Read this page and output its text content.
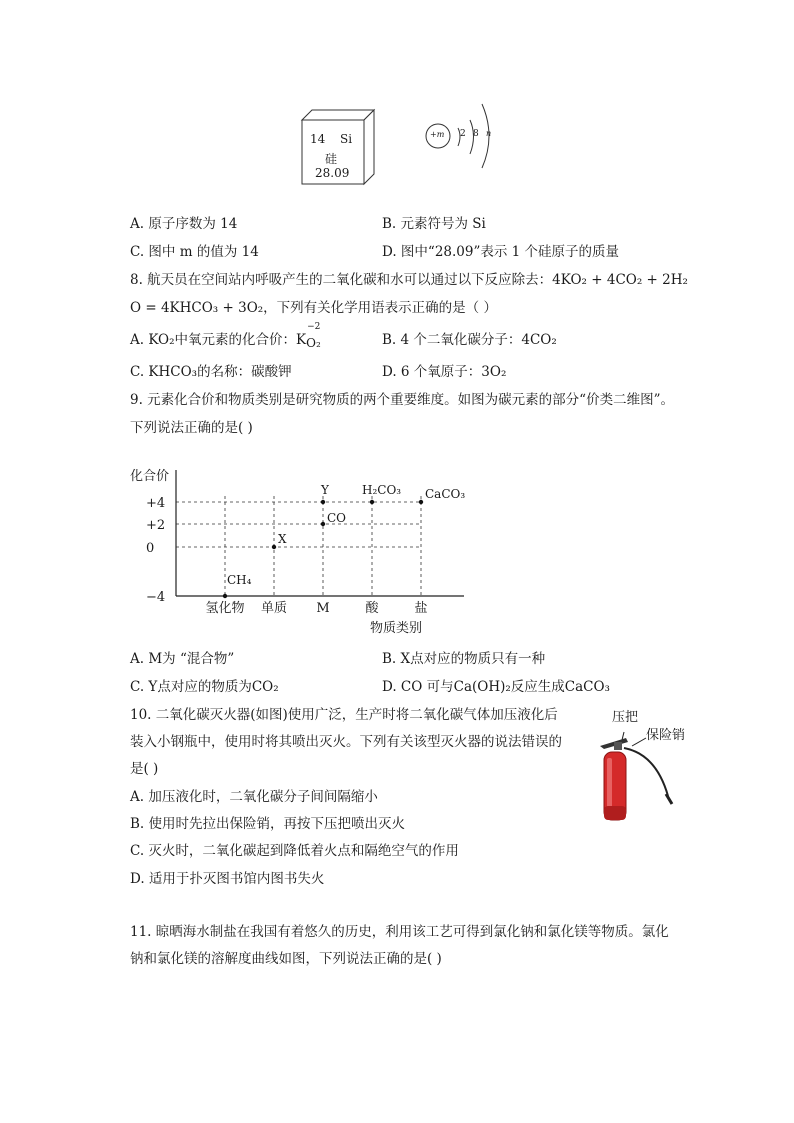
14 Si
硅
28.09
+m 2 8 n
A. 原子序数为 14	B. 元素符号为 Si
C. 图中 m 的值为 14	D. 图中“28.09”表示 1 个硅原子的质量
8. 航天员在空间站内呼吸产生的二氧化碳和水可以通过以下反应除去：4KO₂ + 4CO₂ + 2H₂
O = 4KHCO₃ + 3O₂，下列有关化学用语表示正确的是（ ）
A. KO₂中氧元素的化合价：K
−2
O₂	B. 4 个二氧化碳分子：4CO₂
C. KHCO₃的名称：碳酸钾	D. 6 个氧原子：3O₂
9. 元素化合价和物质类别是研究物质的两个重要维度。如图为碳元素的部分“价类二维图”。
下列说法正确的是( )
化合价
物质类别
+4
+2
0
−4
氢化物 单质 M	酸	盐
CH₄
X
CO
Y	H₂CO₃ CaCO₃
A. M为 “混合物”	B. X点对应的物质只有一种
C. Y点对应的物质为CO₂	D. CO 可与Ca(OH)₂反应生成CaCO₃
10. 二氧化碳灭火器(如图)使用广泛，生产时将二氧化碳气体加压液化后
装入小钢瓶中，使用时将其喷出灭火。下列有关该型灭火器的说法错误的
是( )
A. 加压液化时，二氧化碳分子间间隔缩小
B. 使用时先拉出保险销，再按下压把喷出灭火
C. 灭火时，二氧化碳起到降低着火点和隔绝空气的作用
D. 适用于扑灭图书馆内图书失火
压把
保险销
11. 晾晒海水制盐在我国有着悠久的历史，利用该工艺可得到氯化钠和氯化镁等物质。氯化
钠和氯化镁的溶解度曲线如图，下列说法正确的是( )
